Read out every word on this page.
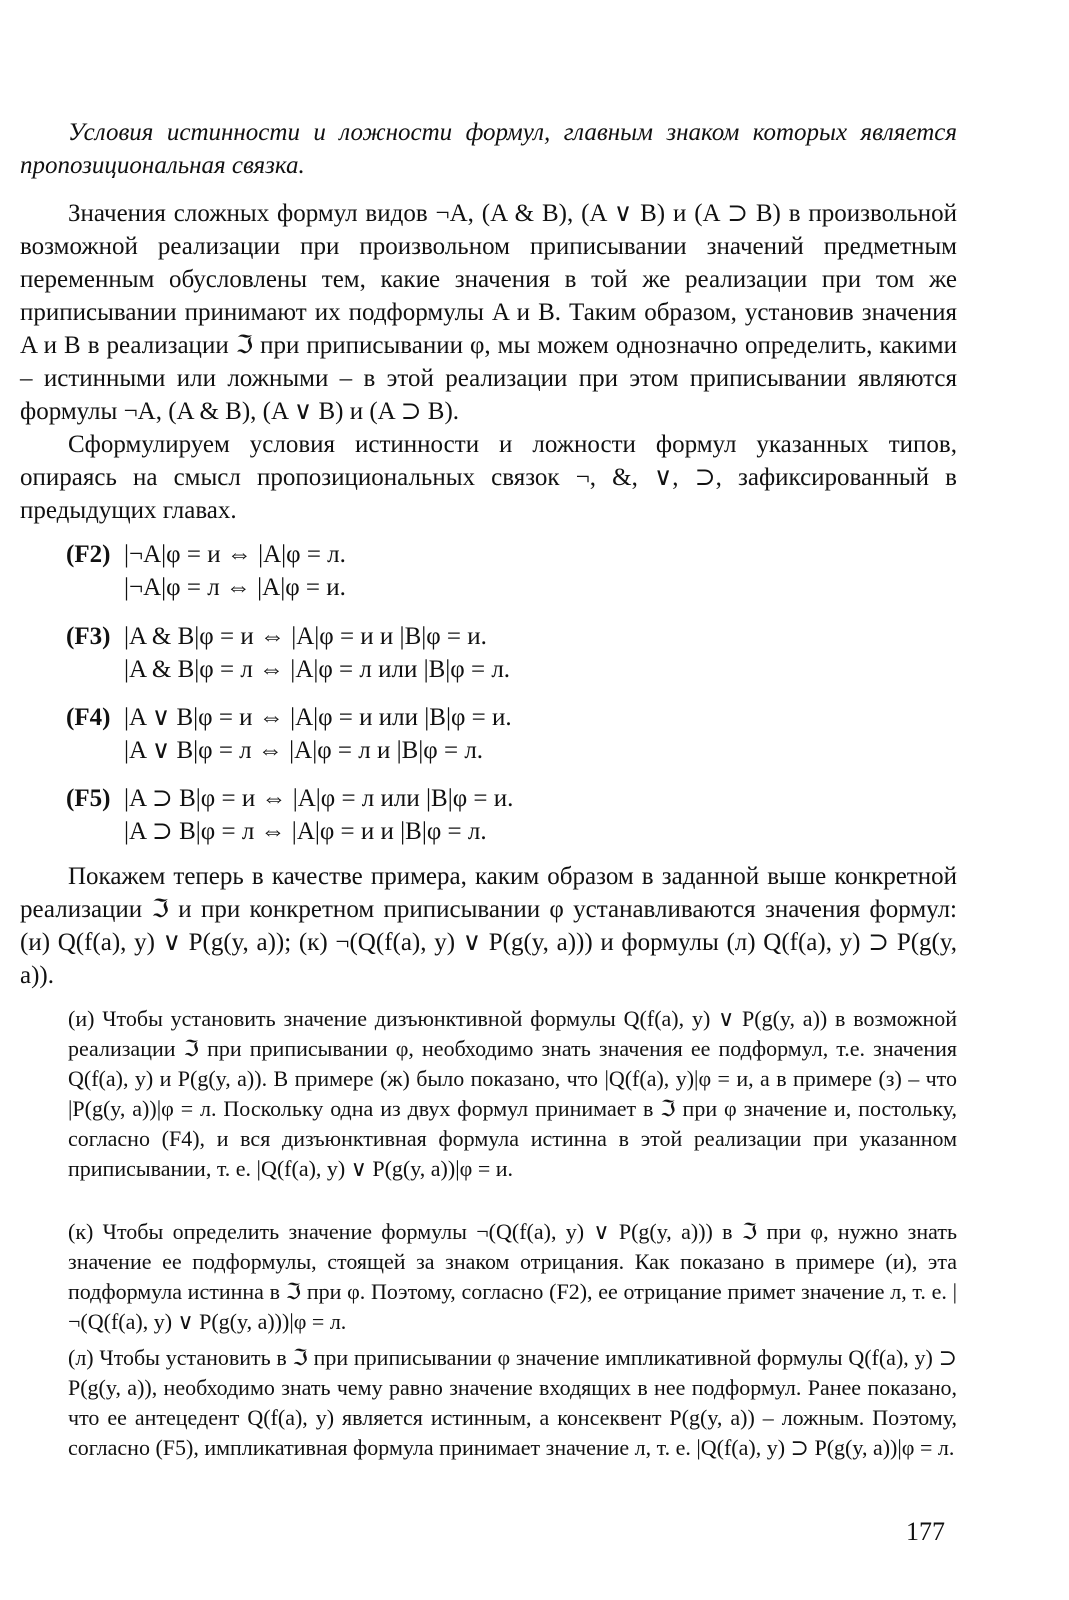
Условия истинности и ложности формул, главным знаком которых является пропозициональная связка.

Значения сложных формул видов ¬A, (A & B), (A ∨ B) и (A ⊃ B) в произвольной возможной реализации при произвольном приписывании значений предметным переменным обусловлены тем, какие значения в той же реализации при том же приписывании принимают их подформулы A и B. Таким образом, установив значения A и B в реализации ℑ при приписывании φ, мы можем однозначно определить, какими – истинными или ложными – в этой реализации при этом приписывании являются формулы ¬A, (A & B), (A ∨ B) и (A ⊃ B).

Сформулируем условия истинности и ложности формул указанных типов, опираясь на смысл пропозициональных связок ¬, &, ∨, ⊃, зафиксированный в предыдущих главах.

(F2) |¬A|φ = и ⇔ |A|φ = л.
|¬A|φ = л ⇔ |A|φ = и.
(F3) |A & B|φ = и ⇔ |A|φ = и и |B|φ = и.
|A & B|φ = л ⇔ |A|φ = л или |B|φ = л.
(F4) |A ∨ B|φ = и ⇔ |A|φ = и или |B|φ = и.
|A ∨ B|φ = л ⇔ |A|φ = л и |B|φ = л.
(F5) |A ⊃ B|φ = и ⇔ |A|φ = л или |B|φ = и.
|A ⊃ B|φ = л ⇔ |A|φ = и и |B|φ = л.

Покажем теперь в качестве примера, каким образом в заданной выше конкретной реализации ℑ и при конкретном приписывании φ устанавливаются значения формул: (и) Q(f(a), y) ∨ P(g(y, a)); (к) ¬(Q(f(a), y) ∨ P(g(y, a))) и формулы (л) Q(f(a), y) ⊃ P(g(y, a)).

(и) Чтобы установить значение дизъюнктивной формулы Q(f(a), y) ∨ P(g(y, a)) в возможной реализации ℑ при приписывании φ, необходимо знать значения ее подформул, т.е. значения Q(f(a), y) и P(g(y, a)). В примере (ж) было показано, что |Q(f(a), y)|φ = и, а в примере (з) – что |P(g(y, a))|φ = л. Поскольку одна из двух формул принимает в ℑ при φ значение и, постольку, согласно (F4), и вся дизъюнктивная формула истинна в этой реализации при указанном приписывании, т. е. |Q(f(a), y) ∨ P(g(y, a))|φ = и.

(к) Чтобы определить значение формулы ¬(Q(f(a), y) ∨ P(g(y, a))) в ℑ при φ, нужно знать значение ее подформулы, стоящей за знаком отрицания. Как показано в примере (и), эта подформула истинна в ℑ при φ. Поэтому, согласно (F2), ее отрицание примет значение л, т. е. |¬(Q(f(a), y) ∨ P(g(y, a)))|φ = л.

(л) Чтобы установить в ℑ при приписывании φ значение импликативной формулы Q(f(a), y) ⊃ P(g(y, a)), необходимо знать чему равно значение входящих в нее подформул. Ранее показано, что ее антецедент Q(f(a), y) является истинным, а консеквент P(g(y, a)) – ложным. Поэтому, согласно (F5), импликативная формула принимает значение л, т. е. |Q(f(a), y) ⊃ P(g(y, a))|φ = л.

177
